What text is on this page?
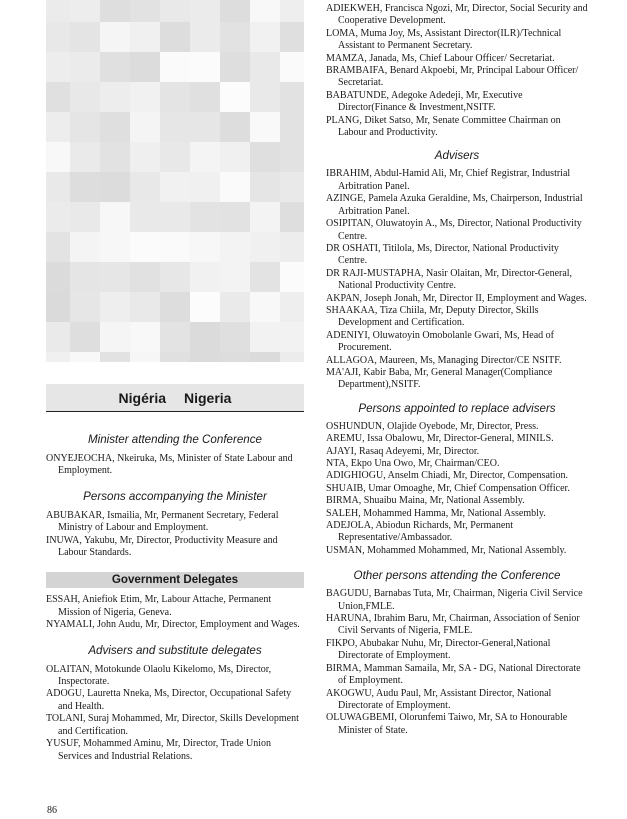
Nigéria Nigeria

Minister attending the Conference

ONYEJEOCHA, Nkeiruka, Ms, Minister of State Labour and Employment.

Persons accompanying the Minister

ABUBAKAR, Ismailia, Mr, Permanent Secretary, Federal Ministry of Labour and Employment.

INUWA, Yakubu, Mr, Director, Productivity Measure and Labour Standards.

Government Delegates

ESSAH, Aniefiok Etim, Mr, Labour Attache, Permanent Mission of Nigeria, Geneva.

NYAMALI, John Audu, Mr, Director, Employment and Wages.

Advisers and substitute delegates

OLAITAN, Motokunde Olaolu Kikelomo, Ms, Director, Inspectorate.

ADOGU, Lauretta Nneka, Ms, Director, Occupational Safety and Health.

TOLANI, Suraj Mohammed, Mr, Director, Skills Development and Certification.

YUSUF, Mohammed Aminu, Mr, Director, Trade Union Services and Industrial Relations.

ADIEKWEH, Francisca Ngozi, Mr, Director, Social Security and Cooperative Development.

LOMA, Muma Joy, Ms, Assistant Director(ILR)/Technical Assistant to Permanent Secretary.

MAMZA, Janada, Ms, Chief Labour Officer/ Secretariat.

BRAMBAIFA, Benard Akpoebi, Mr, Principal Labour Officer/ Secretariat.

BABATUNDE, Adegoke Adedeji, Mr, Executive Director(Finance & Investment,NSITF.

PLANG, Diket Satso, Mr, Senate Committee Chairman on Labour and Productivity.

Advisers

IBRAHIM, Abdul-Hamid Ali, Mr, Chief Registrar, Industrial Arbitration Panel.

AZINGE, Pamela Azuka Geraldine, Ms, Chairperson, Industrial Arbitration Panel.

OSIPITAN, Oluwatoyin A., Ms, Director, National Productivity Centre.

DR OSHATI, Titilola, Ms, Director, National Productivity Centre.

DR RAJI-MUSTAPHA, Nasir Olaitan, Mr, Director-General, National Productivity Centre.

AKPAN, Joseph Jonah, Mr, Director II, Employment and Wages.

SHAAKAA, Tiza Chiila, Mr, Deputy Director, Skills Development and Certification.

ADENIYI, Oluwatoyin Omobolanle Gwari, Ms, Head of Procurement.

ALLAGOA, Maureen, Ms, Managing Director/CE NSITF.

MA'AJI, Kabir Baba, Mr, General Manager(Compliance Department),NSITF.

Persons appointed to replace advisers

OSHUNDUN, Olajide Oyebode, Mr, Director, Press.

AREMU, Issa Obalowu, Mr, Director-General, MINILS.

AJAYI, Rasaq Adeyemi, Mr, Director.

NTA, Ekpo Una Owo, Mr, Chairman/CEO.

ADIGHIOGU, Anselm Chiadi, Mr, Director, Compensation.

SHUAIB, Umar Omoaghe, Mr, Chief Compensation Officer.

BIRMA, Shuaibu Maina, Mr, National Assembly.

SALEH, Mohammed Hamma, Mr, National Assembly.

ADEJOLA, Abiodun Richards, Mr, Permanent Representative/Ambassador.

USMAN, Mohammed Mohammed, Mr, National Assembly.

Other persons attending the Conference

BAGUDU, Barnabas Tuta, Mr, Chairman, Nigeria Civil Service Union,FMLE.

HARUNA, Ibrahim Baru, Mr, Chairman, Association of Senior Civil Servants of Nigeria, FMLE.

FIKPO, Abubakar Nuhu, Mr, Director-General,National Directorate of Employment.

BIRMA, Mamman Samaila, Mr, SA - DG, National Directorate of Employment.

AKOGWU, Audu Paul, Mr, Assistant Director, National Directorate of Employment.

OLUWAGBEMI, Olorunfemi Taiwo, Mr, SA to Honourable Minister of State.

86
